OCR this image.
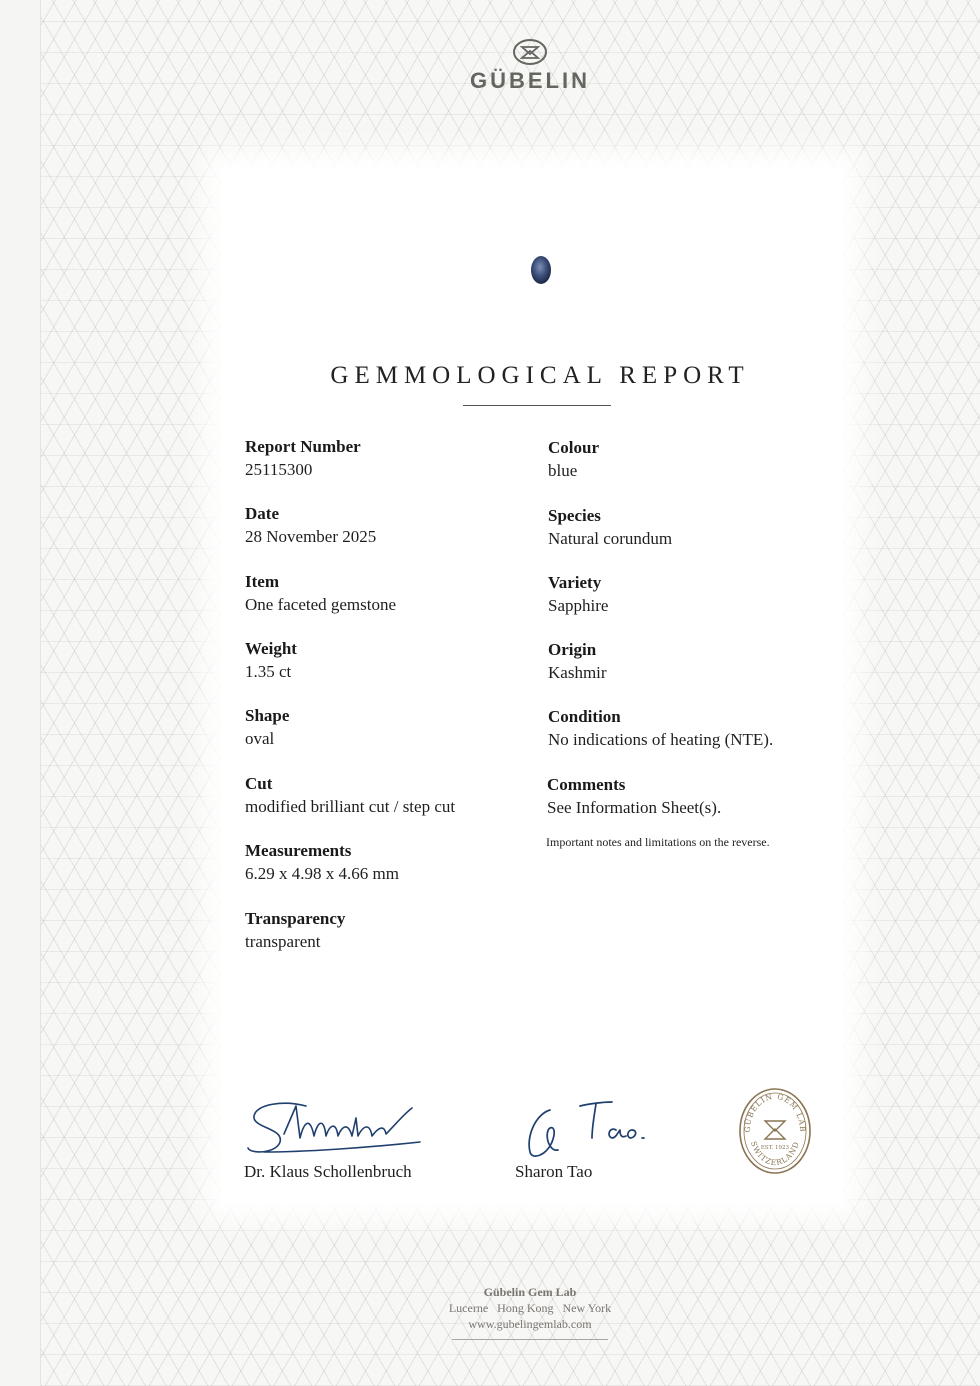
GÜBELIN
GEMMOLOGICAL REPORT
Report Number
25115300
Date
28 November 2025
Item
One faceted gemstone
Weight
1.35 ct
Shape
oval
Cut
modified brilliant cut / step cut
Measurements
6.29 x 4.98 x 4.66 mm
Transparency
transparent
Colour
blue
Species
Natural corundum
Variety
Sapphire
Origin
Kashmir
Condition
No indications of heating (NTE).
Comments
See Information Sheet(s).
Important notes and limitations on the reverse.
Dr. Klaus Schollenbruch	Sharon Tao
GÜBELIN GEM LAB
SWITZERLAND
EST. 1923
Gübelin Gem Lab
Lucerne   Hong Kong   New York
www.gubelingemlab.com
